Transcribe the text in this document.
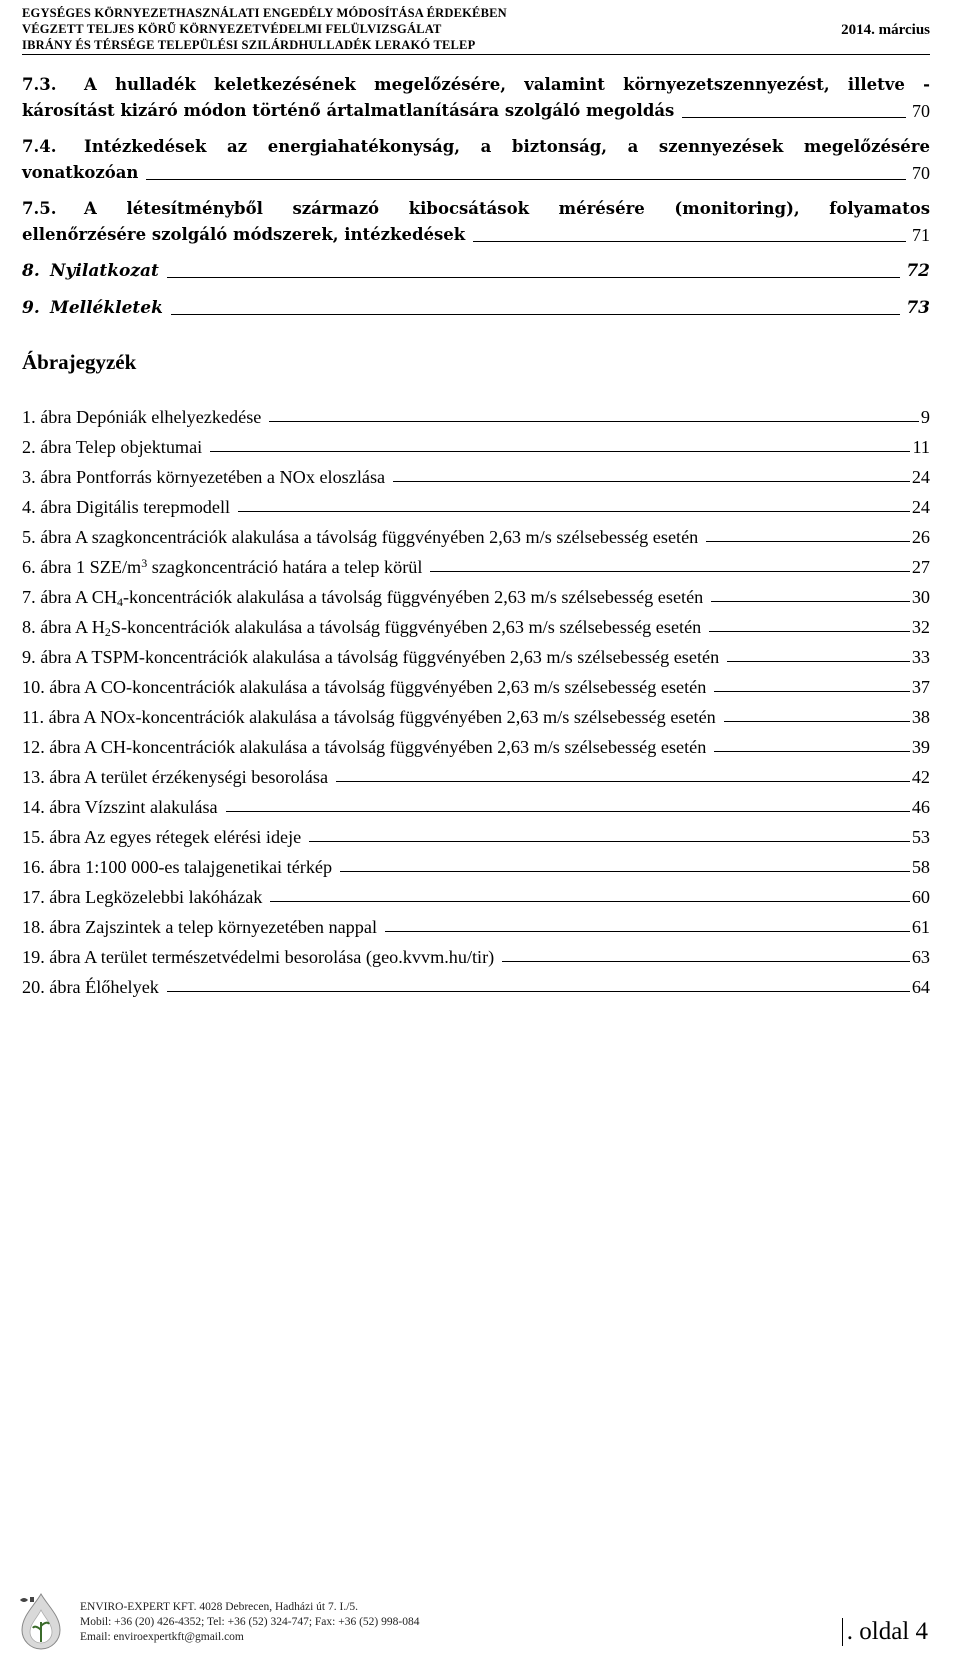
EGYSÉGES KÖRNYEZETHASZNÁLATI ENGEDÉLY MÓDOSÍTÁSA ÉRDEKÉBEN
VÉGZETT TELJES KÖRŰ KÖRNYEZETVÉDELMI FELÜLVIZSGÁLAT
IBRÁNY ÉS TÉRSÉGE TELEPÜLÉSI SZILÁRDHULLADÉK LERAKÓ TELEP
2014. március
7.3. A hulladék keletkezésének megelőzésére, valamint környezetszennyezést, illetve -
károsítást kizáró módon történő ártalmatlanítására szolgáló megoldás	70
7.4. Intézkedések az energiahatékonyság, a biztonság, a szennyezések megelőzésére
vonatkozóan	70
7.5. A létesítményből származó kibocsátások mérésére (monitoring), folyamatos
ellenőrzésére szolgáló módszerek, intézkedések	71
8. Nyilatkozat	72
9. Mellékletek	73
Ábrajegyzék
1. ábra Depóniák elhelyezkedése	9
2. ábra Telep objektumai	11
3. ábra Pontforrás környezetében a NOx eloszlása	24
4. ábra Digitális terepmodell	24
5. ábra A szagkoncentrációk alakulása a távolság függvényében 2,63 m/s szélsebesség esetén	26
6. ábra 1 SZE/$m^3$ szagkoncentráció határa a telep körül	27
7. ábra A $CH_4$-koncentrációk alakulása a távolság függvényében 2,63 m/s szélsebesség esetén	30
8. ábra A $H_2S$-koncentrációk alakulása a távolság függvényében 2,63 m/s szélsebesség esetén	32
9. ábra A TSPM-koncentrációk alakulása a távolság függvényében 2,63 m/s szélsebesség esetén	33
10. ábra A CO-koncentrációk alakulása a távolság függvényében 2,63 m/s szélsebesség esetén	37
11. ábra A NOx-koncentrációk alakulása a távolság függvényében 2,63 m/s szélsebesség esetén	38
12. ábra A CH-koncentrációk alakulása a távolság függvényében 2,63 m/s szélsebesség esetén	39
13. ábra A terület érzékenységi besorolása	42
14. ábra Vízszint alakulása	46
15. ábra Az egyes rétegek elérési ideje	53
16. ábra 1:100 000-es talajgenetikai térkép	58
17. ábra Legközelebbi lakóházak	60
18. ábra Zajszintek a telep környezetében nappal	61
19. ábra A terület természetvédelmi besorolása (geo.kvvm.hu/tir)	63
20. ábra Élőhelyek	64
ENVIRO-EXPERT KFT. 4028 Debrecen, Hadházi út 7. I./5.
Mobil: +36 (20) 426-4352; Tel: +36 (52) 324-747; Fax: +36 (52) 998-084
Email: enviroexpertkft@gmail.com	. oldal 4
